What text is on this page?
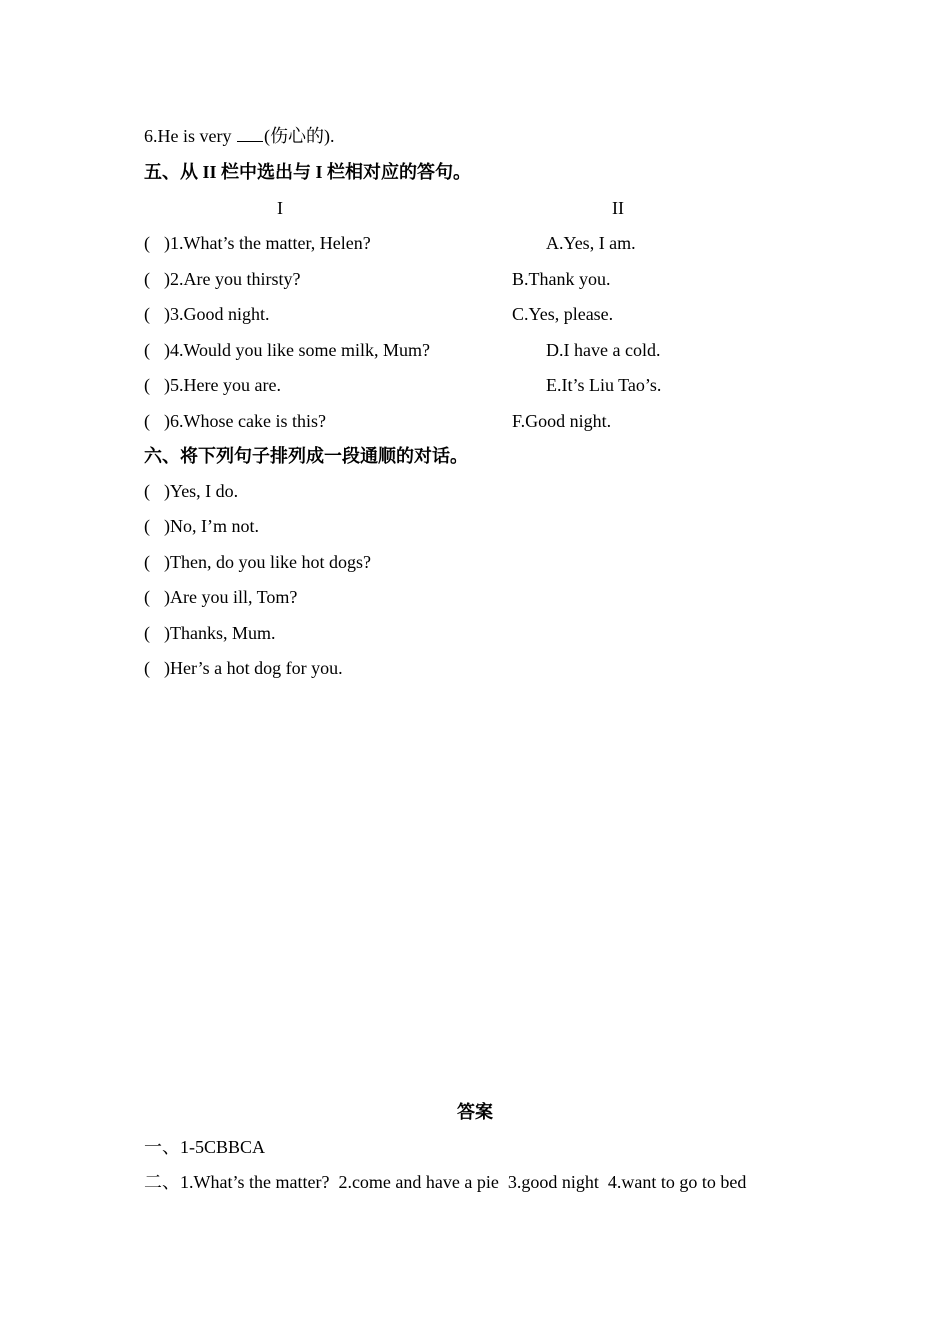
6.He is very (伤心的).
五、从 II 栏中选出与 I 栏相对应的答句。
I	II
( )1.What’s the matter, Helen?	A.Yes, I am.
( )2.Are you thirsty?	B.Thank you.
( )3.Good night.	C.Yes, please.
( )4.Would you like some milk, Mum?	D.I have a cold.
( )5.Here you are.	E.It’s Liu Tao’s.
( )6.Whose cake is this?	F.Good night.
六、将下列句子排列成一段通顺的对话。
( )Yes, I do.
( )No, I’m not.
( )Then, do you like hot dogs?
( )Are you ill, Tom?
( )Thanks, Mum.
( )Her’s a hot dog for you.
答案
一、1-5CBBCA
二、1.What’s the matter?  2.come and have a pie  3.good night  4.want to go to bed
